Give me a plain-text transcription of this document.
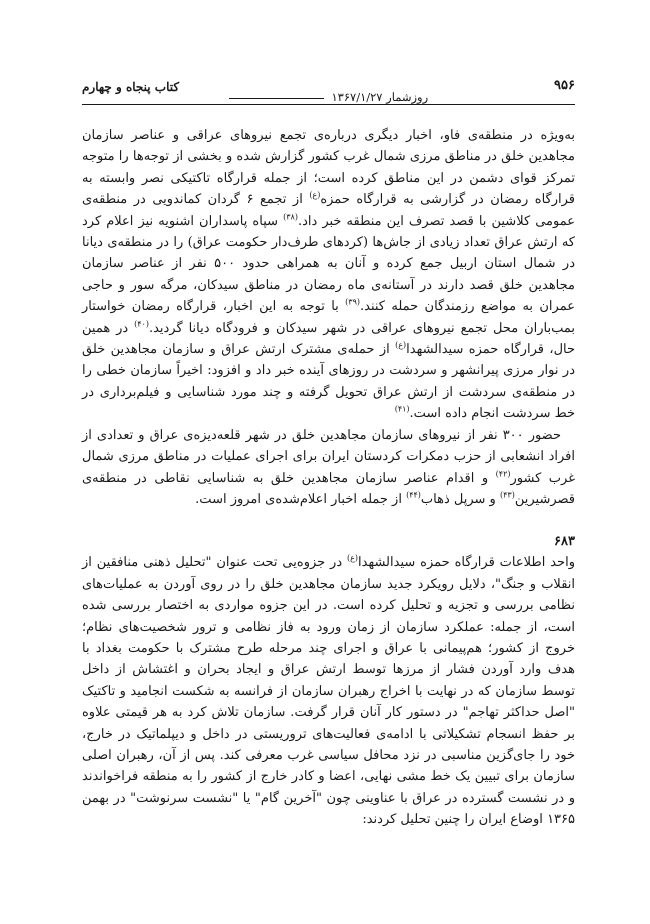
۹۵۶
روزشمار ۱۳۶۷/۱/۲۷
کتاب پنجاه و چهارم

به‌ویژه در منطقه‌ی فاو، اخبار دیگری درباره‌ی تجمع نیروهای عراقی و عناصر سازمان مجاهدین خلق در مناطق مرزی شمال غرب کشور گزارش شده و بخشی از توجه‌ها را متوجه تمرکز قوای دشمن در این مناطق کرده است؛ از جمله قرارگاه تاکتیکی نصر وابسته به قرارگاه رمضان در گزارشی به قرارگاه حمزه$^{(ع)}$ از تجمع ۶ گردان کماندویی در منطقه‌ی عمومی کلاشین با قصد تصرف این منطقه خبر داد.$^{(۳۸)}$ سپاه پاسداران اشنویه نیز اعلام کرد که ارتش عراق تعداد زیادی از جاش‌ها (کردهای طرف‌دار حکومت عراق) را در منطقه‌ی دیانا در شمال استان اربیل جمع کرده و آنان به همراهی حدود ۵۰۰ نفر از عناصر سازمان مجاهدین خلق قصد دارند در آستانه‌ی ماه رمضان در مناطق سیدکان، مرگه سور و حاجی عمران به مواضع رزمندگان حمله کنند.$^{(۳۹)}$ با توجه به این اخبار، قرارگاه رمضان خواستار بمب‌باران محل تجمع نیروهای عراقی در شهر سیدکان و فرودگاه دیانا گردید.$^{(۴۰)}$ در همین حال، قرارگاه حمزه سیدالشهدا$^{(ع)}$ از حمله‌ی مشترک ارتش عراق و سازمان مجاهدین خلق در نوار مرزی پیرانشهر و سردشت در روزهای آینده خبر داد و افزود: اخیراً سازمان خطی را در منطقه‌ی سردشت از ارتش عراق تحویل گرفته و چند مورد شناسایی و فیلم‌برداری در خط سردشت انجام داده است.$^{(۴۱)}$

حضور ۳۰۰ نفر از نیروهای سازمان مجاهدین خلق در شهر قلعه‌دیزه‌ی عراق و تعدادی از افراد انشعابی از حزب دمکرات کردستان ایران برای اجرای عملیات در مناطق مرزی شمال غرب کشور$^{(۴۲)}$ و اقدام عناصر سازمان مجاهدین خلق به شناسایی نقاطی در منطقه‌ی قصرشیرین$^{(۴۳)}$ و سرپل ذهاب$^{(۴۴)}$ از جمله اخبار اعلام‌شده‌ی امروز است.

۶۸۳

واحد اطلاعات قرارگاه حمزه سیدالشهدا$^{(ع)}$ در جزوه‌یی تحت عنوان "تحلیل ذهنی منافقین از انقلاب و جنگ"، دلایل رویکرد جدید سازمان مجاهدین خلق را در روی آوردن به عملیات‌های نظامی بررسی و تجزیه و تحلیل کرده است. در این جزوه مواردی به اختصار بررسی شده است، از جمله: عملکرد سازمان از زمان ورود به فاز نظامی و ترور شخصیت‌های نظام؛ خروج از کشور؛ هم‌پیمانی با عراق و اجرای چند مرحله طرح مشترک با حکومت بغداد با هدف وارد آوردن فشار از مرزها توسط ارتش عراق و ایجاد بحران و اغتشاش از داخل توسط سازمان که در نهایت با اخراج رهبران سازمان از فرانسه به شکست انجامید و تاکتیک "اصل حداکثر تهاجم" در دستور کار آنان قرار گرفت. سازمان تلاش کرد به هر قیمتی علاوه بر حفظ انسجام تشکیلاتی با ادامه‌ی فعالیت‌های تروریستی در داخل و دیپلماتیک در خارج، خود را جای‌گزین مناسبی در نزد محافل سیاسی غرب معرفی کند. پس از آن، رهبران اصلی سازمان برای تبیین یک خط مشی نهایی، اعضا و کادر خارج از کشور را به منطقه فراخواندند و در نشست گسترده در عراق با عناوینی چون "آخرین گام" یا "نشست سرنوشت" در بهمن ۱۳۶۵ اوضاع ایران را چنین تحلیل کردند:
